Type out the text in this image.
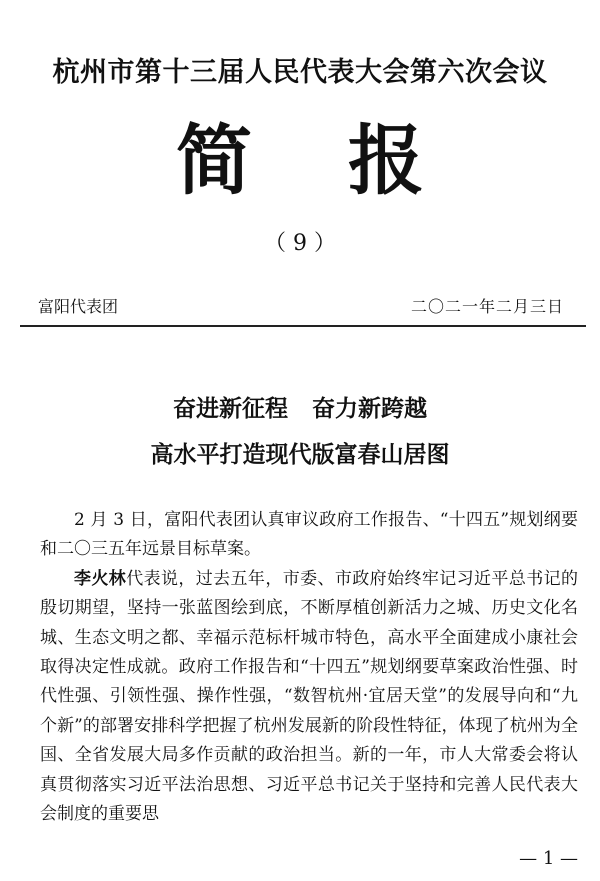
杭州市第十三届人民代表大会第六次会议
简 报
（ 9 ）
富阳代表团	二〇二一年二月三日
奋进新征程 奋力新跨越
高水平打造现代版富春山居图

2 月 3 日，富阳代表团认真审议政府工作报告、“十四五”规划纲要和二〇三五年远景目标草案。

李火林代表说，过去五年，市委、市政府始终牢记习近平总书记的殷切期望，坚持一张蓝图绘到底，不断厚植创新活力之城、历史文化名城、生态文明之都、幸福示范标杆城市特色，高水平全面建成小康社会取得决定性成就。政府工作报告和“十四五”规划纲要草案政治性强、时代性强、引领性强、操作性强，“数智杭州·宜居天堂”的发展导向和“九个新”的部署安排科学把握了杭州发展新的阶段性特征，体现了杭州为全国、全省发展大局多作贡献的政治担当。新的一年，市人大常委会将认真贯彻落实习近平法治思想、习近平总书记关于坚持和完善人民代表大会制度的重要思

— 1 —
